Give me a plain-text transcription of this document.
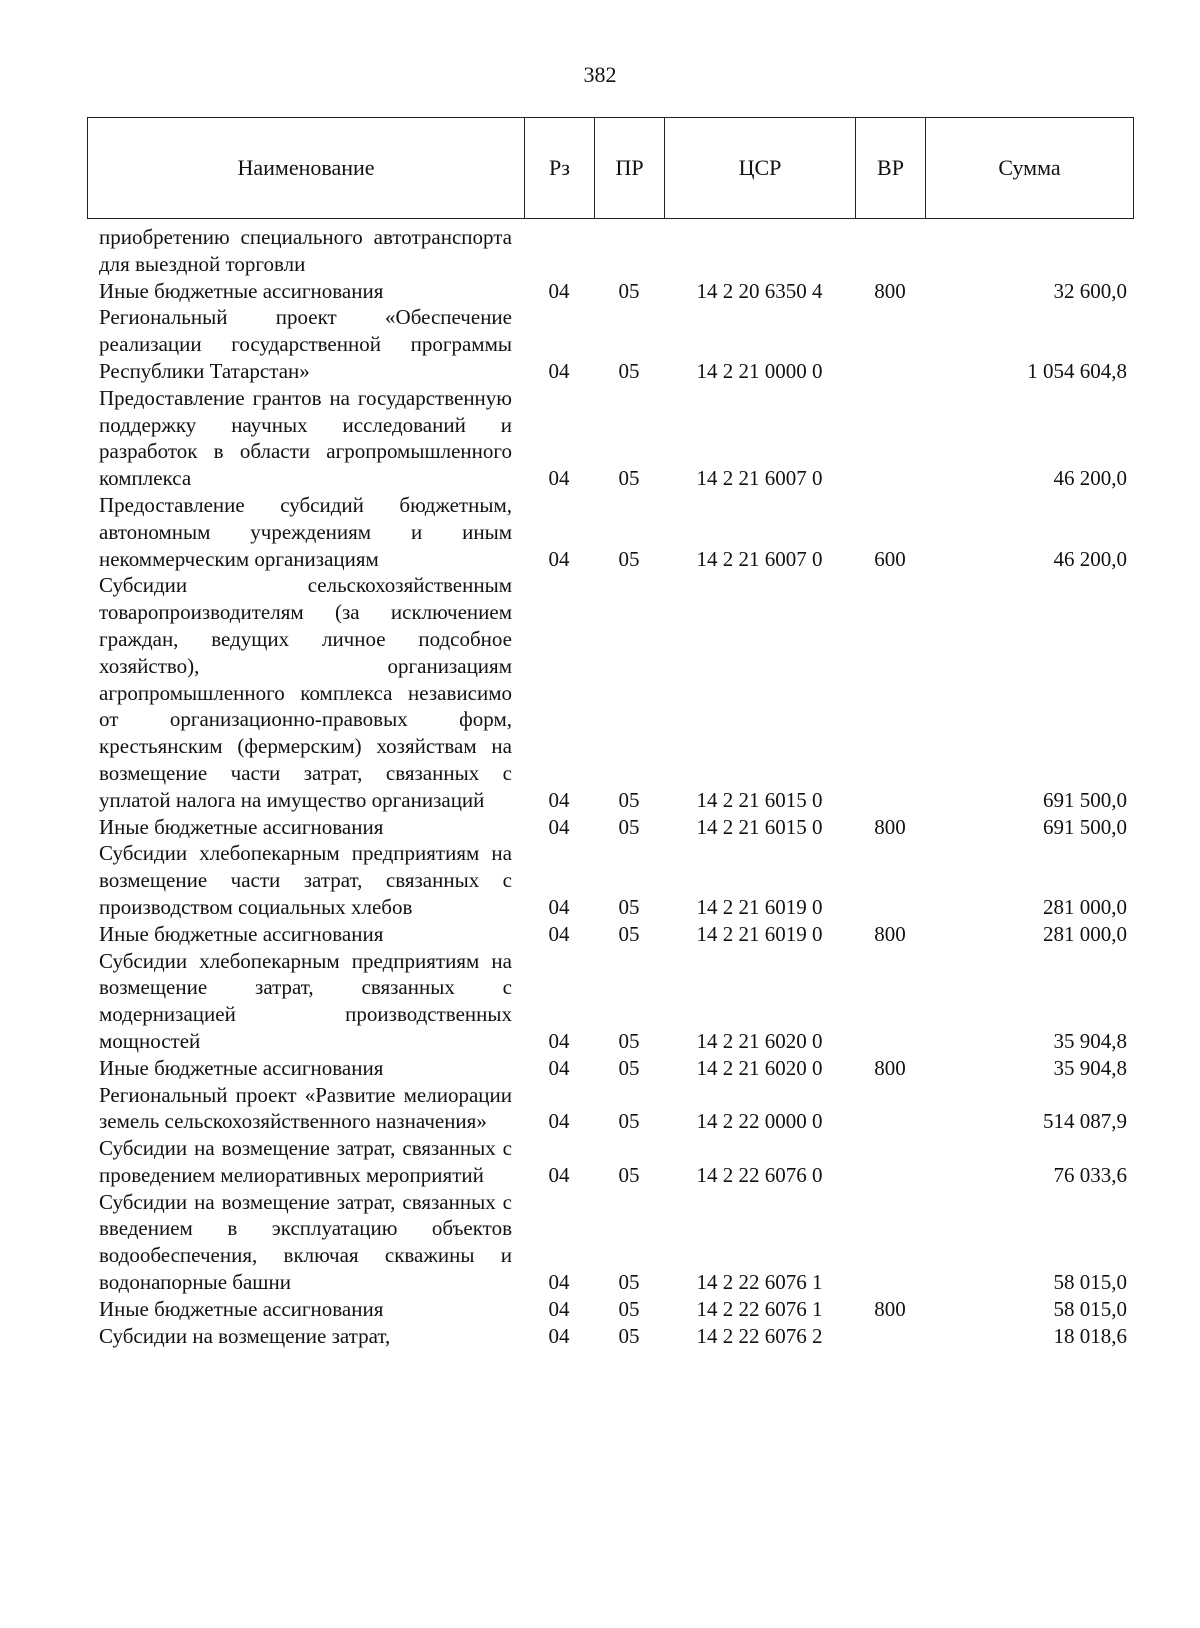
382
Наименование	Рз	ПР	ЦСР	ВР	Сумма
приобретению специального автотранспорта для выездной торговли					
Иные бюджетные ассигнования	04	05	14 2 20 6350 4	800	32 600,0
Региональный проект «Обеспечение реализации государственной программы Республики Татарстан»	04	05	14 2 21 0000 0		1 054 604,8
Предоставление грантов на государственную поддержку научных исследований и разработок в области агропромышленного комплекса	04	05	14 2 21 6007 0		46 200,0
Предоставление субсидий бюджетным, автономным учреждениям и иным некоммерческим организациям	04	05	14 2 21 6007 0	600	46 200,0
Субсидии сельскохозяйственным товаропроизводителям (за исключением граждан, ведущих личное подсобное хозяйство), организациям агропромышленного комплекса независимо от организационно-правовых форм, крестьянским (фермерским) хозяйствам на возмещение части затрат, связанных с уплатой налога на имущество организаций	04	05	14 2 21 6015 0		691 500,0
Иные бюджетные ассигнования	04	05	14 2 21 6015 0	800	691 500,0
Субсидии хлебопекарным предприятиям на возмещение части затрат, связанных с производством социальных хлебов	04	05	14 2 21 6019 0		281 000,0
Иные бюджетные ассигнования	04	05	14 2 21 6019 0	800	281 000,0
Субсидии хлебопекарным предприятиям на возмещение затрат, связанных с модернизацией производственных мощностей	04	05	14 2 21 6020 0		35 904,8
Иные бюджетные ассигнования	04	05	14 2 21 6020 0	800	35 904,8
Региональный проект «Развитие мелиорации земель сельскохозяйственного назначения»	04	05	14 2 22 0000 0		514 087,9
Субсидии на возмещение затрат, связанных с проведением мелиоративных мероприятий	04	05	14 2 22 6076 0		76 033,6
Субсидии на возмещение затрат, связанных с введением в эксплуатацию объектов водообеспечения, включая скважины и водонапорные башни	04	05	14 2 22 6076 1		58 015,0
Иные бюджетные ассигнования	04	05	14 2 22 6076 1	800	58 015,0
Субсидии на возмещение затрат,	04	05	14 2 22 6076 2		18 018,6
